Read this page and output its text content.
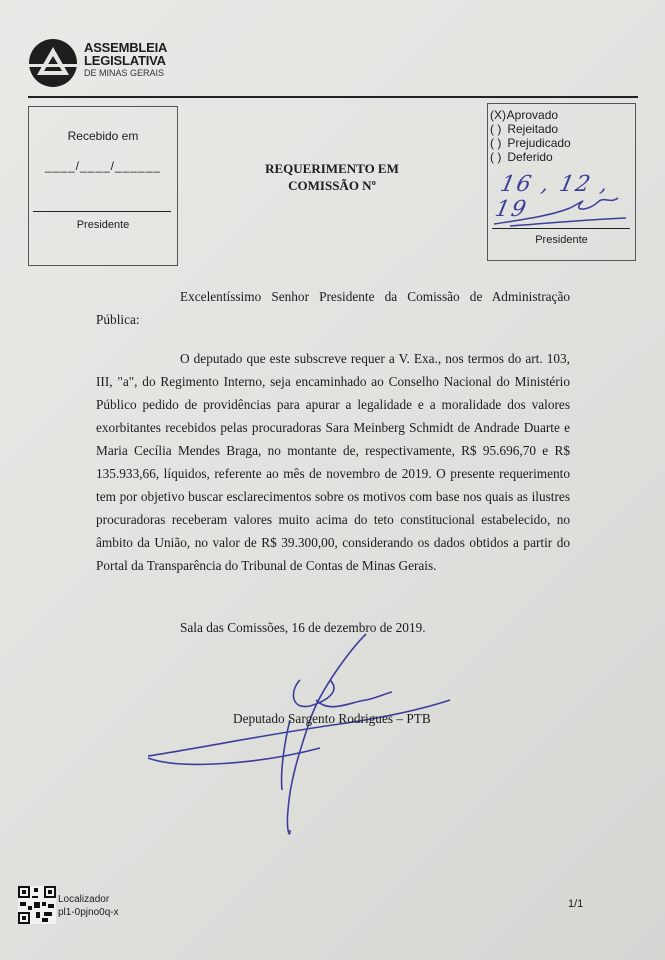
ASSEMBLEIA
LEGISLATIVA
DE MINAS GERAIS
Recebido em
____/____/______
Presidente
REQUERIMENTO EM
COMISSÃO Nº
(X) Aprovado
( ) Rejeitado
( ) Prejudicado
( ) Deferido
16 , 12 , 19
Presidente

Excelentíssimo Senhor Presidente da Comissão de Administração Pública:

O deputado que este subscreve requer a V. Exa., nos termos do art. 103, III, "a", do Regimento Interno, seja encaminhado ao Conselho Nacional do Ministério Público pedido de providências para apurar a legalidade e a moralidade dos valores exorbitantes recebidos pelas procuradoras Sara Meinberg Schmidt de Andrade Duarte e Maria Cecília Mendes Braga, no montante de, respectivamente, R$ 95.696,70 e R$ 135.933,66, líquidos, referente ao mês de novembro de 2019. O presente requerimento tem por objetivo buscar esclarecimentos sobre os motivos com base nos quais as ilustres procuradoras receberam valores muito acima do teto constitucional estabelecido, no âmbito da União, no valor de R$ 39.300,00, considerando os dados obtidos a partir do Portal da Transparência do Tribunal de Contas de Minas Gerais.

Sala das Comissões, 16 de dezembro de 2019.
Deputado Sargento Rodrigues – PTB
Localizador
pl1-0pjno0q-x
1/1
